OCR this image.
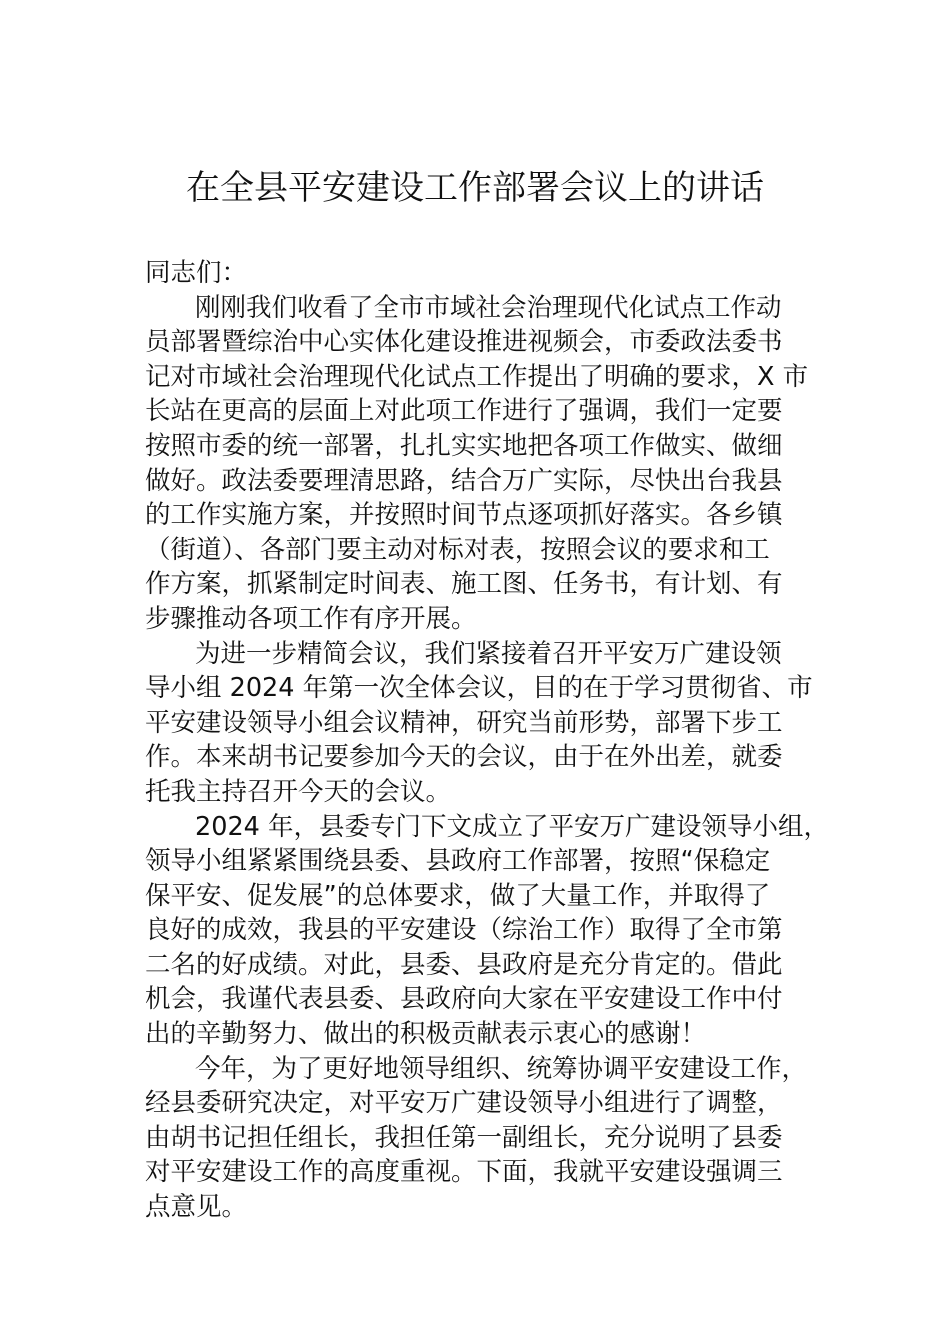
在全县平安建设工作部署会议上的讲话
同志们：
刚刚我们收看了全市市域社会治理现代化试点工作动
员部署暨综治中心实体化建设推进视频会，市委政法委书
记对市域社会治理现代化试点工作提出了明确的要求，X 市
长站在更高的层面上对此项工作进行了强调，我们一定要
按照市委的统一部署，扎扎实实地把各项工作做实、做细
做好。政法委要理清思路，结合万广实际，尽快出台我县
的工作实施方案，并按照时间节点逐项抓好落实。各乡镇
（街道）、各部门要主动对标对表，按照会议的要求和工
作方案，抓紧制定时间表、施工图、任务书，有计划、有
步骤推动各项工作有序开展。
为进一步精简会议，我们紧接着召开平安万广建设领
导小组 2024 年第一次全体会议，目的在于学习贯彻省、市
平安建设领导小组会议精神，研究当前形势，部署下步工
作。本来胡书记要参加今天的会议，由于在外出差，就委
托我主持召开今天的会议。
2024 年，县委专门下文成立了平安万广建设领导小组，
领导小组紧紧围绕县委、县政府工作部署，按照“保稳定
保平安、促发展”的总体要求，做了大量工作，并取得了
良好的成效，我县的平安建设（综治工作）取得了全市第
二名的好成绩。对此，县委、县政府是充分肯定的。借此
机会，我谨代表县委、县政府向大家在平安建设工作中付
出的辛勤努力、做出的积极贡献表示衷心的感谢！
今年，为了更好地领导组织、统筹协调平安建设工作，
经县委研究决定，对平安万广建设领导小组进行了调整，
由胡书记担任组长，我担任第一副组长，充分说明了县委
对平安建设工作的高度重视。下面，我就平安建设强调三
点意见。
